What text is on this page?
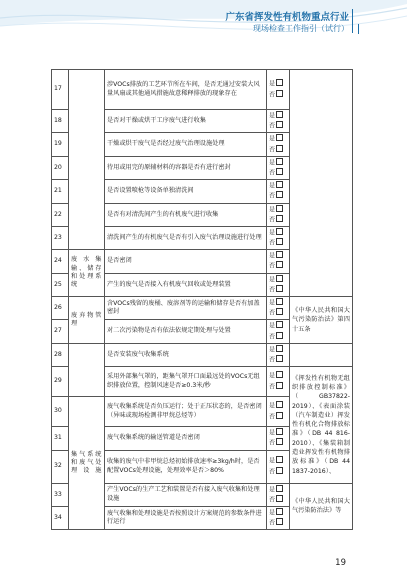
广东省挥发性有机物重点行业
现场检查工作指引（试行）
17		涉VOCs排放的工艺环节所在车间，是否无通过安装大风量风扇或其他通风措施故意稀释排放的现象存在	是
否	

18		是否对干燥或烘干工序废气进行收集	是
否	

19		干燥或烘干废气是否经过废气治理设施处理	是
否	

20		待用或用完的原辅材料的容器是否有进行密封	是
否	

21		是否设置喷枪等设备单独清洗间	是
否	

22		是否有对清洗间产生的有机废气进行收集	是
否	

23		清洗间产生的有机废气是否有引入废气治理设施进行处理	是
否	

24	废水集输、储存和处理系统	是否密闭	是
否	

25		产生的废气是否接入有机废气回收或处理装置	是
否	

26	废弃物管理	含VOCs残留的废桶、废溶剂等的运输和储存是否有加盖密封	是
否	《中华人民共和国大气污染防治法》第四十五条
27		对二次污染物是否有依法依规定期处理与处置	是
否	

28		是否安装废气收集系统	是
否	

29		采用外部集气罩的，距集气罩开口面最远处的VOCs无组织排放位置，控制风速是否≥0.3米/秒	是
否	《挥发性有机物无组织排放控制标准》（GB37822-2019）、《表面涂装（汽车制造业）挥发性有机化合物排放标准》（DB 44 816-2010）、《集装箱制造业挥发性有机物排放标准》（DB 44 1837-2016）、
30	集气系统和废气处理设施	废气收集系统是否负压运行；处于正压状态的，是否密闭（异味或现场检测非甲烷总烃等）	是
否	

31		废气收集系统的输送管道是否密闭	是
否	

32		收集的废气中非甲烷总烃初始排放速率≥3kg/h时，是否配置VOCs处理设施，处理效率是否＞80%	是
否	

33		产生VOCs的生产工艺和装置是否有接入废气收集和处理设施	是
否	《中华人民共和国大气污染防治法》等
34		废气收集和处理设施是否按照设计方案规范的参数条件进行运行	是
否	
19
